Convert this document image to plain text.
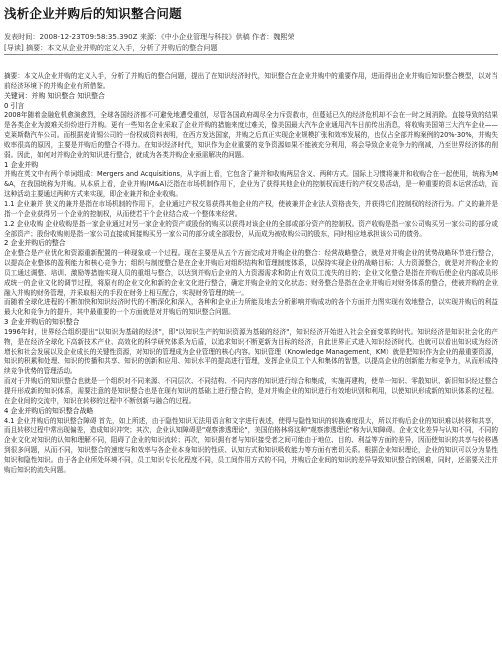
浅析企业并购后的知识整合问题
发表时间：2008-12-23T09:58:35.390Z 来源：《中小企业管理与科技》供稿 作者：魏熙荣
[导读] 摘要：本文从企业并购的定义入手，分析了并购后的整合问题

摘要：本文从企业并购的定义入手，分析了并购后的整合问题，提出了在知识经济时代，知识整合在企业并购中的重要作用，进而得出企业并购后知识整合模型，以对当前经济环境下的并购企业有所借鉴。

关键词：并购 知识整合 知识整合

0 引言

2008年随着金融危机愈演愈烈，全球各国经济都不可避免地遭受重创，尽管各国政府竭尽全力斥资救市，但蔓延已久的经济危机却不会在一时之间消除。直接导致的结果是各类企业为渡难关纷纷进行并购。更有一些知名企业采取了企业并购的措施来度过难关，像美国最大汽车企业通用汽车日前传出消息，将收购美国第三大汽车企业——克莱斯勒汽车公司。而根据麦肯锡公司的一份权威资料表明，在西方发达国家，并购之后真正实现企业规模扩张和效率发展的，也仅占全部并购案例的20%-30%，并购失败率很高的原因，主要是并购后的整合不得力。在知识经济时代，知识作为企业重要的竞争资源如果不能被充分利用，将会导致企业竞争力的削减，乃至世界经济体的削弱。因此，如何对并购企业的知识进行整合，就成为各类并购企业亟需解决的问题。

1 企业并购

并购在英文中有两个单词组成：Mergers and Acquisitions，从字面上看，它包含了兼并和收购两层含义、两种方式。国际上习惯将兼并和收购合在一起使用，统称为M&A，在我国统称为并购。从本质上看，企业并购(M&A)泛指在市场机制作用下，企业为了获得其他企业的控制权而进行的产权交易活动，是一种重要的资本运营活动，而这种活动主要通过两种方式来实现，即企业兼并和企业收购。

1.1 企业兼并 狭义的兼并是指在市场机制的作用下，企业通过产权交易获得其他企业的产权，使被兼并企业法人资格丧失，并获得它们控制权的经济行为。广义的兼并是指一个企业获得另一个企业的控制权，从而使若干个企业结合成一个整体来经营。

1.2 企业收购 企业收购是指一家企业通过对另一家企业的资产或股份的购买以获得对该企业的全部或部分资产的控制权。资产收购是指一家公司购买另一家公司的部分或全部资产；股份收购则是指一家公司直接或间接购买另一家公司的部分或全部股份，从而成为被收购公司的股东，同时相应地承担该公司的债务。

2 企业并购后的整合

企业整合是产业优化和资源重新配置的一种现象或一个过程。现在主要是从五个方面完成对并购企业的整合：经营战略整合，就是对并购企业的优势战略环节进行整合，以提高企业整体的盈利能力和核心竞争力；组织与制度整合是在企业并购后对组织结构和管理制度体系，以保持实现企业的战略目标；人力资源整合，就是对并购企业的员工通过调整、培训、激励等措施实现人员的重组与整合，以达到并购后企业的人力资源需求和防止有效员工流失的目的；企业文化整合是指在并购后使企业内部成员形成统一的企业文化的调节过程，将原有的企业文化和新的企业文化进行整合，确定并购企业的文化状态；财务整合是指在企业并购后对财务体系的整合，使被并购的企业融入并购的财务管理，并采取相关的手段在财务上相互配合，实现财务管理的统一。

而随着全球化进程的不断加快和知识经济时代的不断深化和深入，各种和企业正力所能及地去分析影响并购成功的各个方面并力图实现有效地整合，以实现并购后的利益最大化和竞争力的提升，其中最重要的一个方面就是对并购后的知识整合问题。

3 企业并购后的知识整合

1996年时，世界经合组织提出"以知识为基础的经济"，即"以知识生产的知识资源为基础的经济"，知识经济开始进入社会全面变革的时代。知识经济是知识社会化的产物，是在经济全球化下高新技术产业、高效化的科学研究体系为后盾，以追求知识不断更新为目标的经济，自此世界正式进入知识经济时代。也就可以看出知识成为经济增长和社会发展以及企业成长的关键性资源，对知识的管理成为企业管理的核心内容。知识管理（Knowledge Management，KM）就是把知识作为企业的最重要资源，知识的积累和处理、知识的传播和共享、知识的创新和应用、知识水平的提高进行管理，发挥企业员工个人和集体的智慧，以提高企业的创新能力和竞争力，从而形成持续竞争优势的管理活动。

而对于并购后的知识整合也就是一个组织对不同来源、不同层次、不同结构、不同内容的知识进行综合和集成，实施再建构，使单一知识、零散知识、新旧知识经过整合提升形成新的知识体系，需要注意的是知识整合也是在现有知识的基础上进行整合的，是对并购企业的知识进行有效地识别和利用，以使知识形成新的知识体系的过程。在企业间的交流中，知识在转移的过程中不断创新与融合的过程。

4 企业并购后的知识整合战略

4.1 企业并购后的知识整合障碍 首先，如上所述，由于隐性知识无法用语言和文字进行表述，使得与隐性知识的转换难度很大，所以并购后企业的知识难以转移和共享，而且转移过程中常出现偏差，造成知识冲突；其次，企业认知障碍是"观察渗透理论"，美国伯格林将这种"观察渗透理论"称为认知障碍。企业文化差异与认知不同，不同的企业文化对知识的认知和理解不同，阻碍了企业的知识流转；再次，知识拥有者与知识接受者之间可能由于地位、目的、利益等方面的差异，因而使知识的共享与转移遇到很多问题，从而不同，知识整合的速度与和效率与各企业本身知识的性质、认知方式和知识吸收能力等方面有密切关系。根据企业知识理论，企业的知识可以分为显性知识和隐性知识。由于各企业所处环境不同，员工知识专长化程度不同，员工间作用方式的不同，并购后企业间的知识的差异导致知识整合的困难，同时，还需要关注并购后知识的流失问题。
